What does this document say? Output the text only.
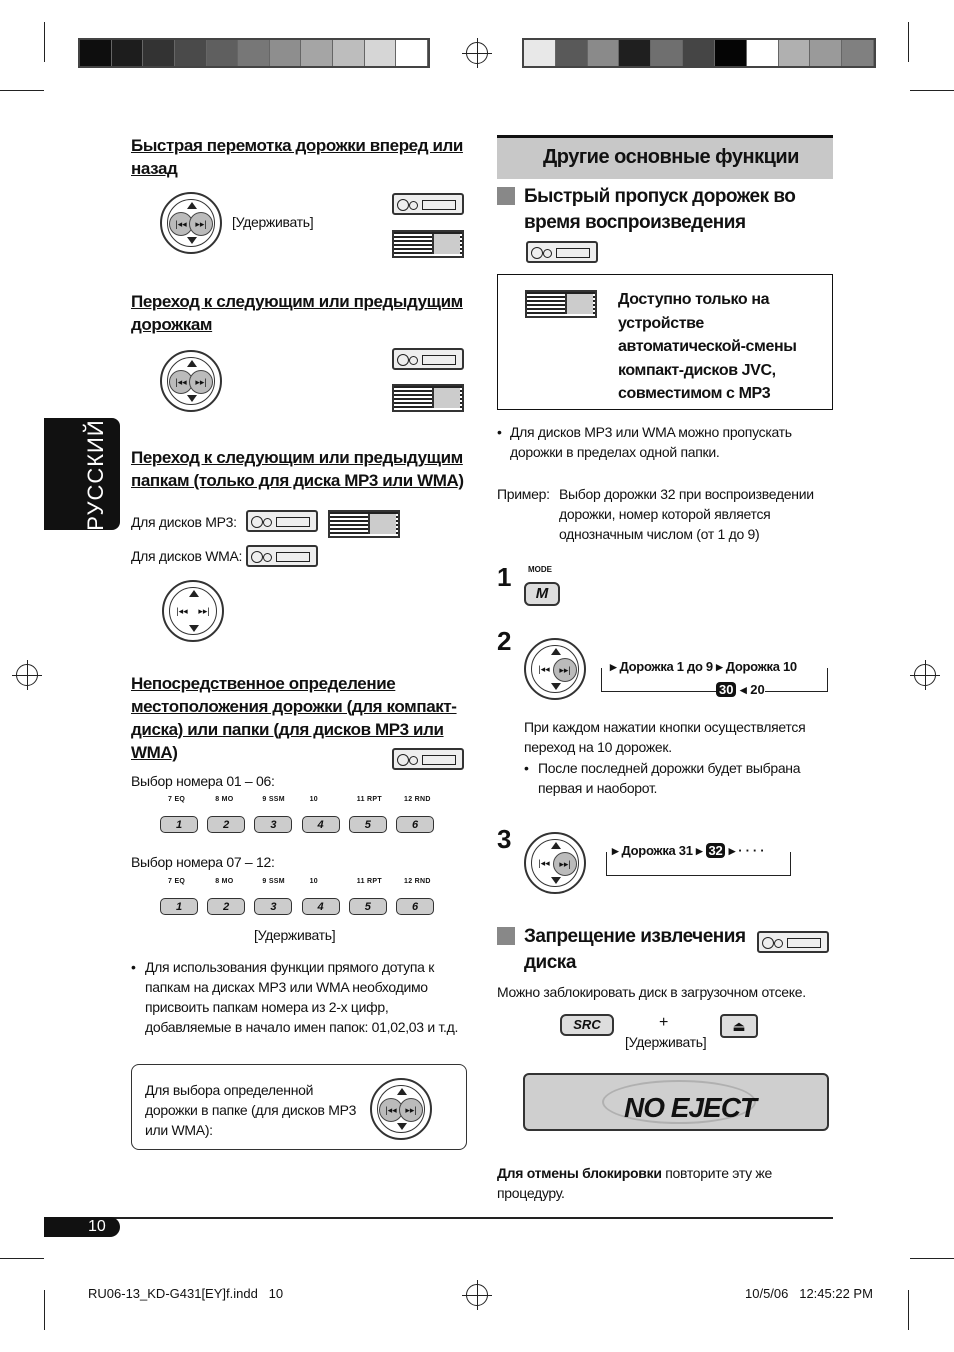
РУССКИЙ
Быстрая перемотка дорожки вперед или назад
|◂◂ ▸▸|	[Удерживать]
Переход к следующим или предыдущим дорожкам
|◂◂ ▸▸|
Переход к следующим или предыдущим папкам (только для диска MP3 или WMA)
Для дисков MP3:
Для дисков WMA:
|◂◂	▸▸|
Непосредственное определение местоположения дорожки (для компакт-диска) или папки (для дисков MP3 или WMA)
Выбор номера 01 – 06:
Выбор номера 07 – 12:
[Удерживать]
• Для использования функции прямого дотупа к папкам на дисках MP3 или WMA необходимо присвоить папкам номера из 2-х цифр, добавляемые в начало имен папок: 01,02,03 и т.д.
Для выбора определенной дорожки в папке (для дисков MP3 или WMA):
|◂◂ ▸▸|
Другие основные функции
Быстрый пропуск дорожек во время воспроизведения
Доступно только на устройстве автоматической-смены компакт-дисков JVC, совместимом с MP3
• Для дисков MP3 или WMA можно пропускать дорожки в пределах одной папки.
Пример: Выбор дорожки 32 при воспроизведении дорожки, номер которой является однозначным числом (от 1 до 9)
1 MODE
M
2
|◂◂	▸▸|	▸ Дорожка 1 до 9 ▸ Дорожка 10
30 ◂ 20
При каждом нажатии кнопки осуществляется переход на 10 дорожек.
• После последней дорожки будет выбрана первая и наоборот.
3
|◂◂	▸▸|
▸ Дорожка 31 ▸ 32 ▸ · · · ·
Запрещение извлечения диска
Можно заблокировать диск в загрузочном отсеке.
SRC	+	⏏
[Удерживать]
NO EJECT
Для отмены блокировки повторите эту же процедуру.
10
RU06-13_KD-G431[EY]f.indd   10	10/5/06   12:45:22 PM
7 EQ
1
8 MO
2
9 SSM
3
10
4
11 RPT
5
12 RND
6
7 EQ
1
8 MO
2
9 SSM
3
10
4
11 RPT
5
12 RND
6
